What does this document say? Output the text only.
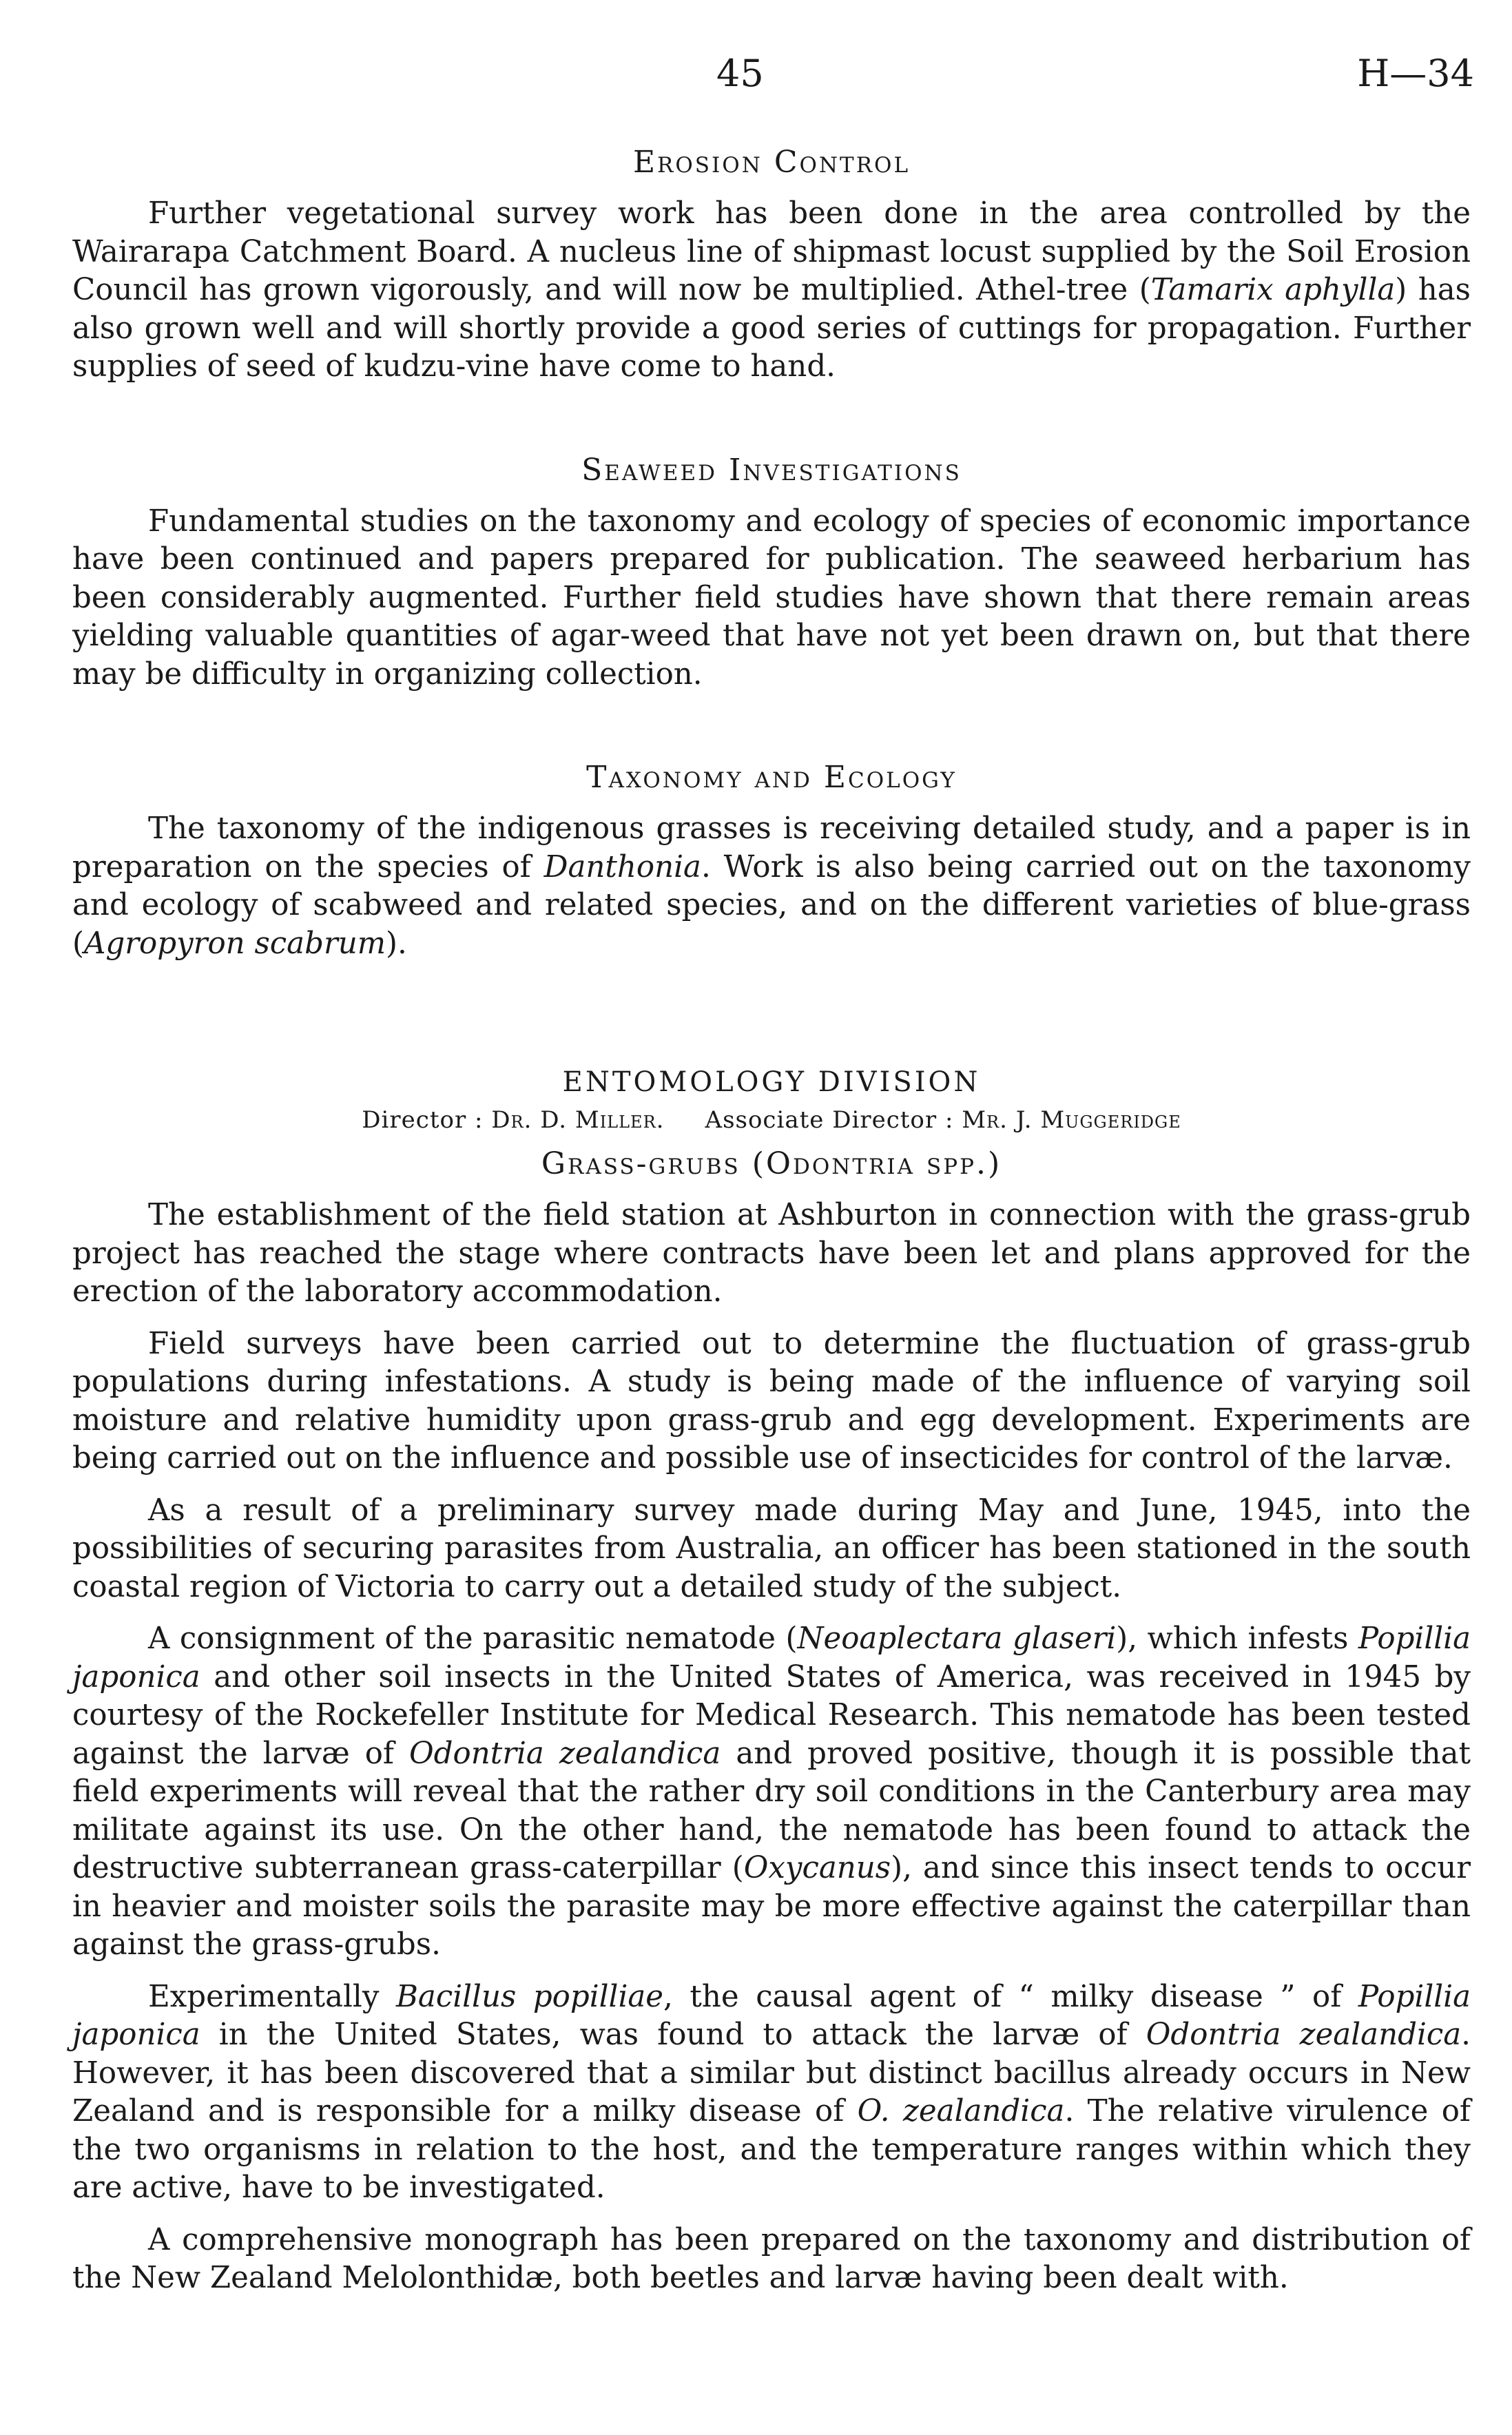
45	H—34
Erosion Control

Further vegetational survey work has been done in the area controlled by the Wairarapa Catchment Board. A nucleus line of shipmast locust supplied by the Soil Erosion Council has grown vigorously, and will now be multiplied. Athel-tree (Tamarix aphylla) has also grown well and will shortly provide a good series of cuttings for propagation. Further supplies of seed of kudzu-vine have come to hand.

Seaweed Investigations

Fundamental studies on the taxonomy and ecology of species of economic importance have been continued and papers prepared for publication. The seaweed herbarium has been considerably augmented. Further field studies have shown that there remain areas yielding valuable quantities of agar-weed that have not yet been drawn on, but that there may be difficulty in organizing collection.

Taxonomy and Ecology

The taxonomy of the indigenous grasses is receiving detailed study, and a paper is in preparation on the species of Danthonia. Work is also being carried out on the taxonomy and ecology of scabweed and related species, and on the different varieties of blue-grass (Agropyron scabrum).

ENTOMOLOGY DIVISION
Director : Dr. D. Miller. Associate Director : Mr. J. Muggeridge
Grass-grubs (Odontria spp.)

The establishment of the field station at Ashburton in connection with the grass-grub project has reached the stage where contracts have been let and plans approved for the erection of the laboratory accommodation.

Field surveys have been carried out to determine the fluctuation of grass-grub populations during infestations. A study is being made of the influence of varying soil moisture and relative humidity upon grass-grub and egg development. Experiments are being carried out on the influence and possible use of insecticides for control of the larvæ.

As a result of a preliminary survey made during May and June, 1945, into the possibilities of securing parasites from Australia, an officer has been stationed in the south coastal region of Victoria to carry out a detailed study of the subject.

A consignment of the parasitic nematode (Neoaplectara glaseri), which infests Popillia japonica and other soil insects in the United States of America, was received in 1945 by courtesy of the Rockefeller Institute for Medical Research. This nematode has been tested against the larvæ of Odontria zealandica and proved positive, though it is possible that field experiments will reveal that the rather dry soil conditions in the Canterbury area may militate against its use. On the other hand, the nematode has been found to attack the destructive subterranean grass-caterpillar (Oxycanus), and since this insect tends to occur in heavier and moister soils the parasite may be more effective against the caterpillar than against the grass-grubs.

Experimentally Bacillus popilliae, the causal agent of “ milky disease ” of Popillia japonica in the United States, was found to attack the larvæ of Odontria zealandica. However, it has been discovered that a similar but distinct bacillus already occurs in New Zealand and is responsible for a milky disease of O. zealandica. The relative virulence of the two organisms in relation to the host, and the temperature ranges within which they are active, have to be investigated.

A comprehensive monograph has been prepared on the taxonomy and distribution of the New Zealand Melolonthidæ, both beetles and larvæ having been dealt with.
